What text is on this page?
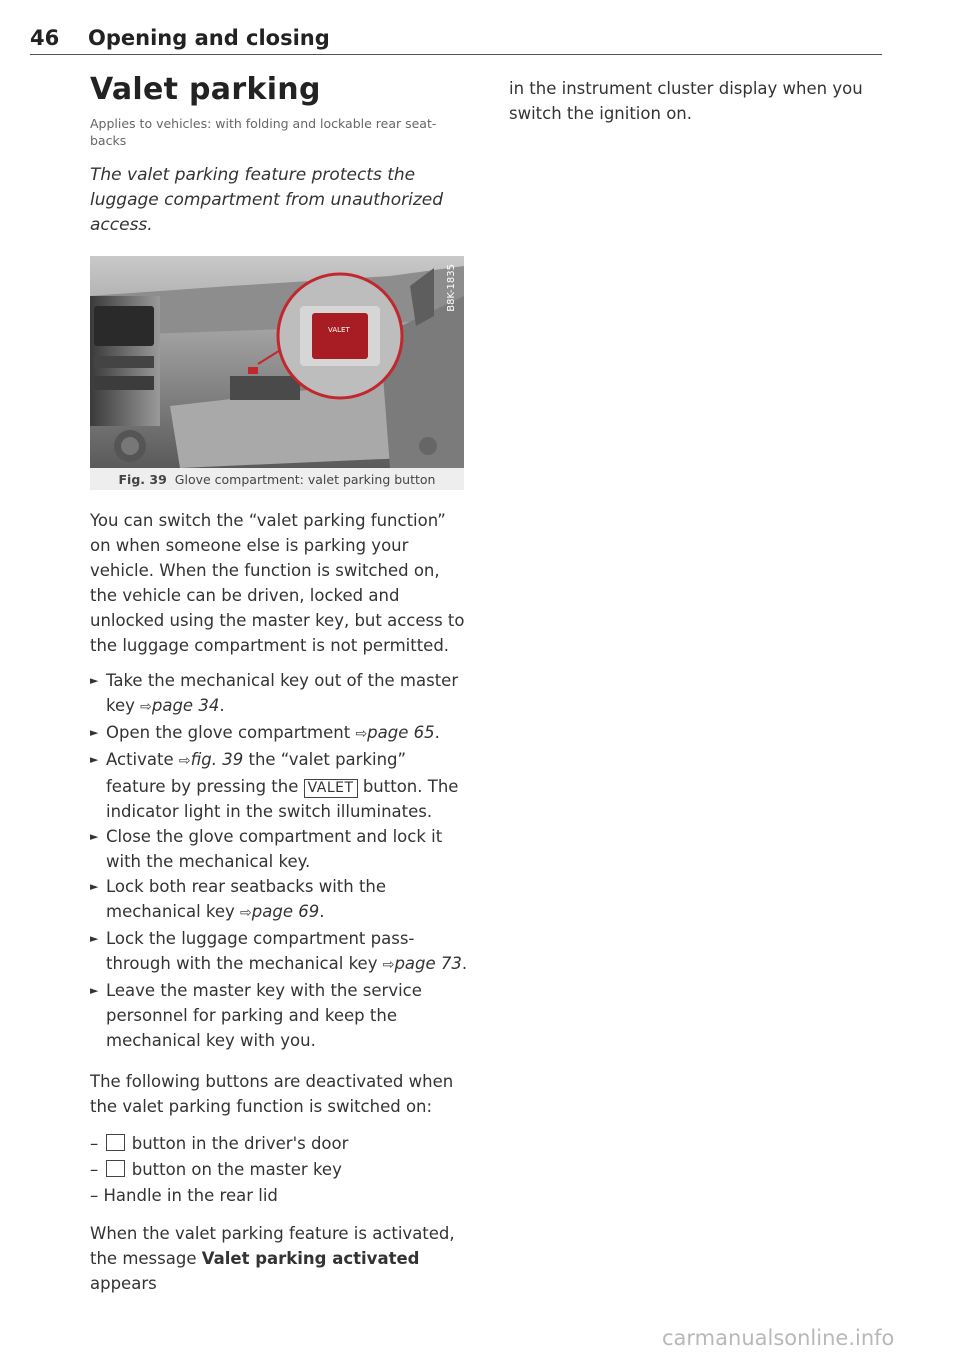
46 Opening and closing
Valet parking
Applies to vehicles: with folding and lockable rear seat-backs
The valet parking feature protects the luggage compartment from unauthorized access.
VALET
B8K-1835
Fig. 39 Glove compartment: valet parking button
You can switch the “valet parking function” on when someone else is parking your vehicle. When the function is switched on, the vehicle can be driven, locked and unlocked using the master key, but access to the luggage compartment is not permitted.
► Take the mechanical key out of the master key ⇨page 34.
► Open the glove compartment ⇨page 65.
► Activate ⇨fig. 39 the “valet parking” feature by pressing the VALET button. The indicator light in the switch illuminates.
► Close the glove compartment and lock it with the mechanical key.
► Lock both rear seatbacks with the mechanical key ⇨page 69.
► Lock the luggage compartment pass-through with the mechanical key ⇨page 73.
► Leave the master key with the service personnel for parking and keep the mechanical key with you.
The following buttons are deactivated when the valet parking function is switched on:
–  button in the driver's door
–  button on the master key
– Handle in the rear lid
When the valet parking feature is activated, the message Valet parking activated appears
in the instrument cluster display when you switch the ignition on.
carmanualsonline.info
